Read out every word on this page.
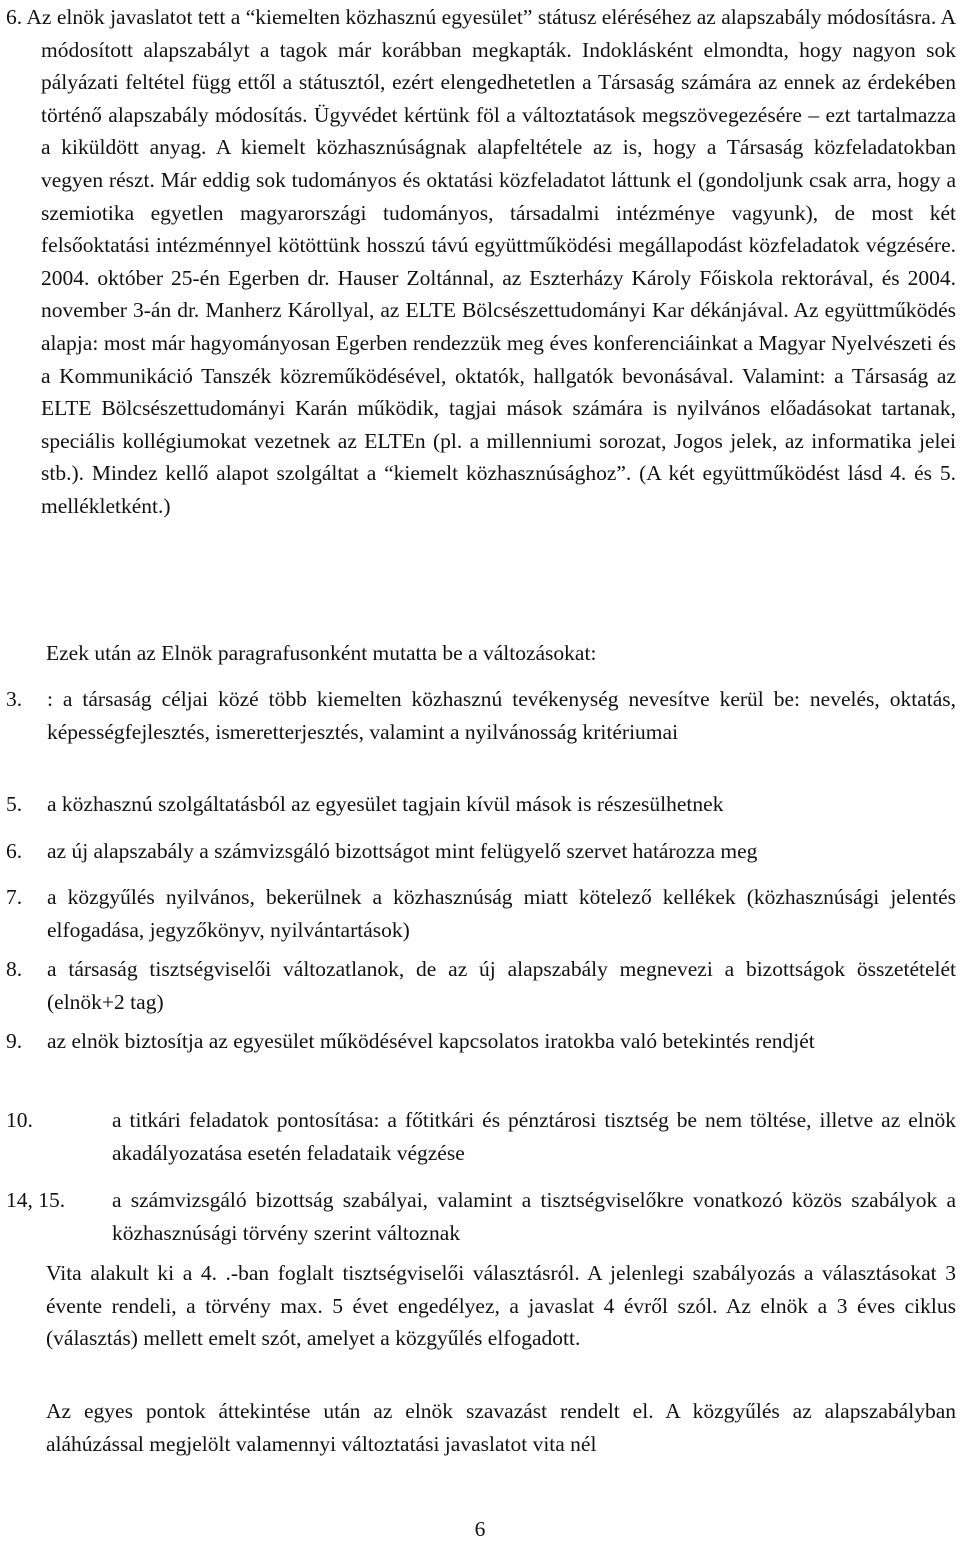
6. Az elnök javaslatot tett a “kiemelten közhasznú egyesület” státusz eléréséhez az alapszabály módosításra. A módosított alapszabályt a tagok már korábban megkapták. Indoklásként elmondta, hogy nagyon sok pályázati feltétel függ ettől a státusztól, ezért elengedhetetlen a Társaság számára az ennek az érdekében történő alapszabály módosítás. Ügyvédet kértünk föl a változtatások megszövegezésére – ezt tartalmazza a kiküldött anyag. A kiemelt közhasznúságnak alapfeltétele az is, hogy a Társaság közfeladatokban vegyen részt. Már eddig sok tudományos és oktatási közfeladatot láttunk el (gondoljunk csak arra, hogy a szemiotika egyetlen magyarországi tudományos, társadalmi intézménye vagyunk), de most két felsőoktatási intézménnyel kötöttünk hosszú távú együttműködési megállapodást közfeladatok végzésére. 2004. október 25-én Egerben dr. Hauser Zoltánnal, az Eszterházy Károly Főiskola rektorával, és 2004. november 3-án dr. Manherz Károllyal, az ELTE Bölcsészettudományi Kar dékánjával. Az együttműködés alapja: most már hagyományosan Egerben rendezzük meg éves konferenciáinkat a Magyar Nyelvészeti és a Kommunikáció Tanszék közreműködésével, oktatók, hallgatók bevonásával. Valamint: a Társaság az ELTE Bölcsészettudományi Karán működik, tagjai mások számára is nyilvános előadásokat tartanak, speciális kollégiumokat vezetnek az ELTEn (pl. a millenniumi sorozat, Jogos jelek, az informatika jelei stb.). Mindez kellő alapot szolgáltat a “kiemelt közhasznúsághoz”. (A két együttműködést lásd 4. és 5. mellékletként.)

Ezek után az Elnök paragrafusonként mutatta be a változásokat:

3. : a társaság céljai közé több kiemelten közhasznú tevékenység nevesítve kerül be: nevelés, oktatás, képességfejlesztés, ismeretterjesztés, valamint a nyilvánosság kritériumai
5. a közhasznú szolgáltatásból az egyesület tagjain kívül mások is részesülhetnek
6. az új alapszabály a számvizsgáló bizottságot mint felügyelő szervet határozza meg
7. a közgyűlés nyilvános, bekerülnek a közhasznúság miatt kötelező kellékek (közhasznúsági jelentés elfogadása, jegyzőkönyv, nyilvántartások)
8. a társaság tisztségviselői változatlanok, de az új alapszabály megnevezi a bizottságok összetételét (elnök+2 tag)
9. az elnök biztosítja az egyesület működésével kapcsolatos iratokba való betekintés rendjét
10.	a titkári feladatok pontosítása: a főtitkári és pénztárosi tisztség be nem töltése, illetve az elnök akadályozatása esetén feladataik végzése
14, 15.	a számvizsgáló bizottság szabályai, valamint a tisztségviselőkre vonatkozó közös szabályok a közhasznúsági törvény szerint változnak

Vita alakult ki a 4. .-ban foglalt tisztségviselői választásról. A jelenlegi szabályozás a választásokat 3 évente rendeli, a törvény max. 5 évet engedélyez, a javaslat 4 évről szól. Az elnök a 3 éves ciklus (választás) mellett emelt szót, amelyet a közgyűlés elfogadott.

Az egyes pontok áttekintése után az elnök szavazást rendelt el. A közgyűlés az alapszabályban aláhúzással megjelölt valamennyi változtatási javaslatot vita nél

6
